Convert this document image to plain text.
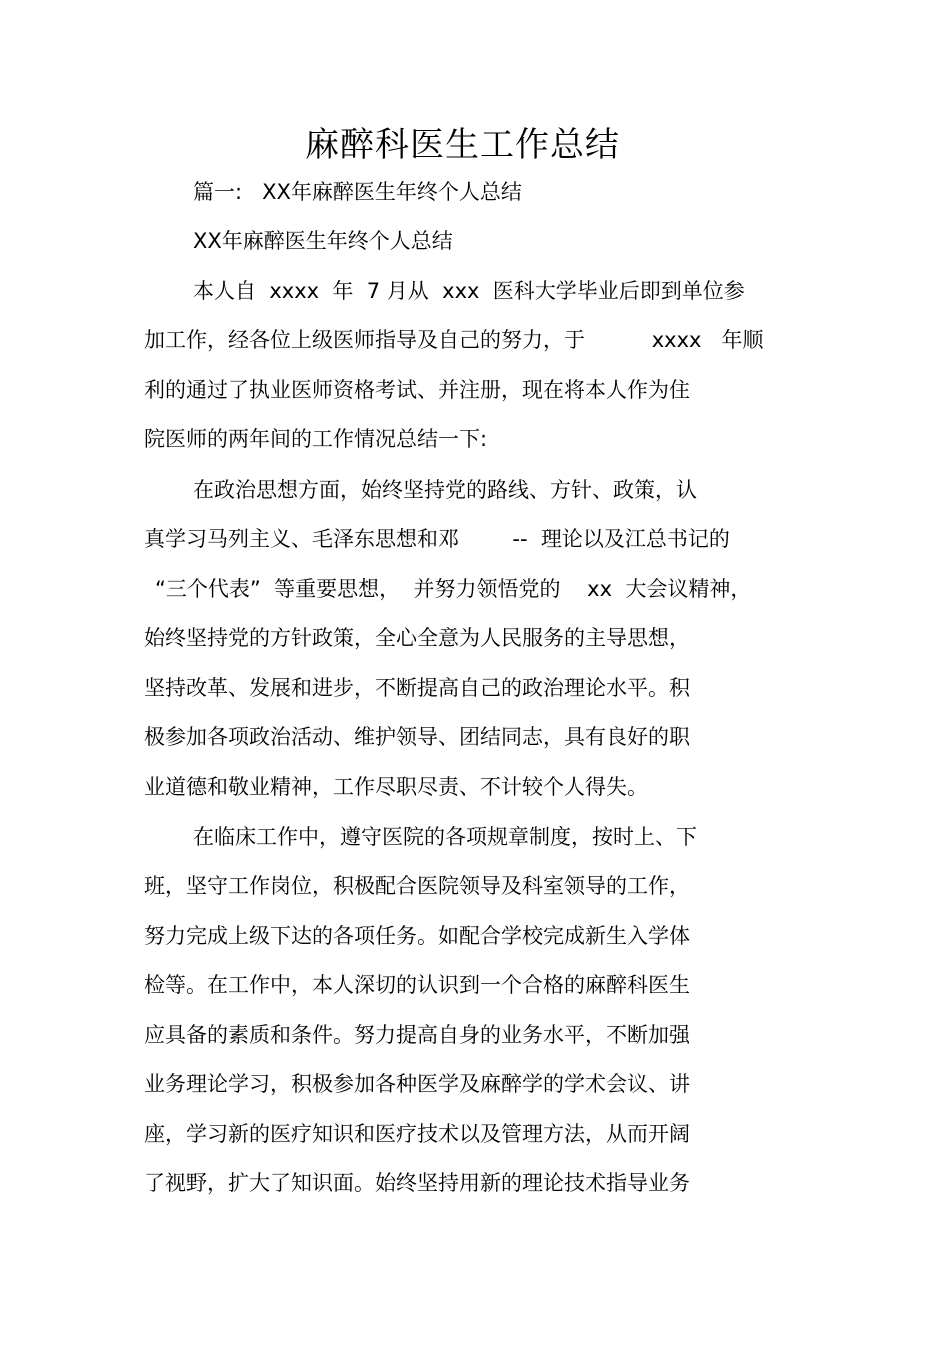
麻醉科医生工作总结
篇一:   XX年麻醉医生年终个人总结
XX年麻醉医生年终个人总结
本人自  xxxx  年  7 月从  xxx  医科大学毕业后即到单位参
加工作，经各位上级医师指导及自己的努力，于          xxxx   年顺
利的通过了执业医师资格考试、并注册，现在将本人作为住
院医师的两年间的工作情况总结一下:
在政治思想方面，始终坚持党的路线、方针、政策，认
真学习马列主义、毛泽东思想和邓        --  理论以及江总书记的
“三个代表”  等重要思想，  并努力领悟党的    xx  大会议精神，
始终坚持党的方针政策，全心全意为人民服务的主导思想，
坚持改革、发展和进步，不断提高自己的政治理论水平。积
极参加各项政治活动、维护领导、团结同志，具有良好的职
业道德和敬业精神，工作尽职尽责、不计较个人得失。
在临床工作中，遵守医院的各项规章制度，按时上、下
班，坚守工作岗位，积极配合医院领导及科室领导的工作，
努力完成上级下达的各项任务。如配合学校完成新生入学体
检等。在工作中，本人深切的认识到一个合格的麻醉科医生
应具备的素质和条件。努力提高自身的业务水平，不断加强
业务理论学习，积极参加各种医学及麻醉学的学术会议、讲
座，学习新的医疗知识和医疗技术以及管理方法，从而开阔
了视野，扩大了知识面。始终坚持用新的理论技术指导业务
